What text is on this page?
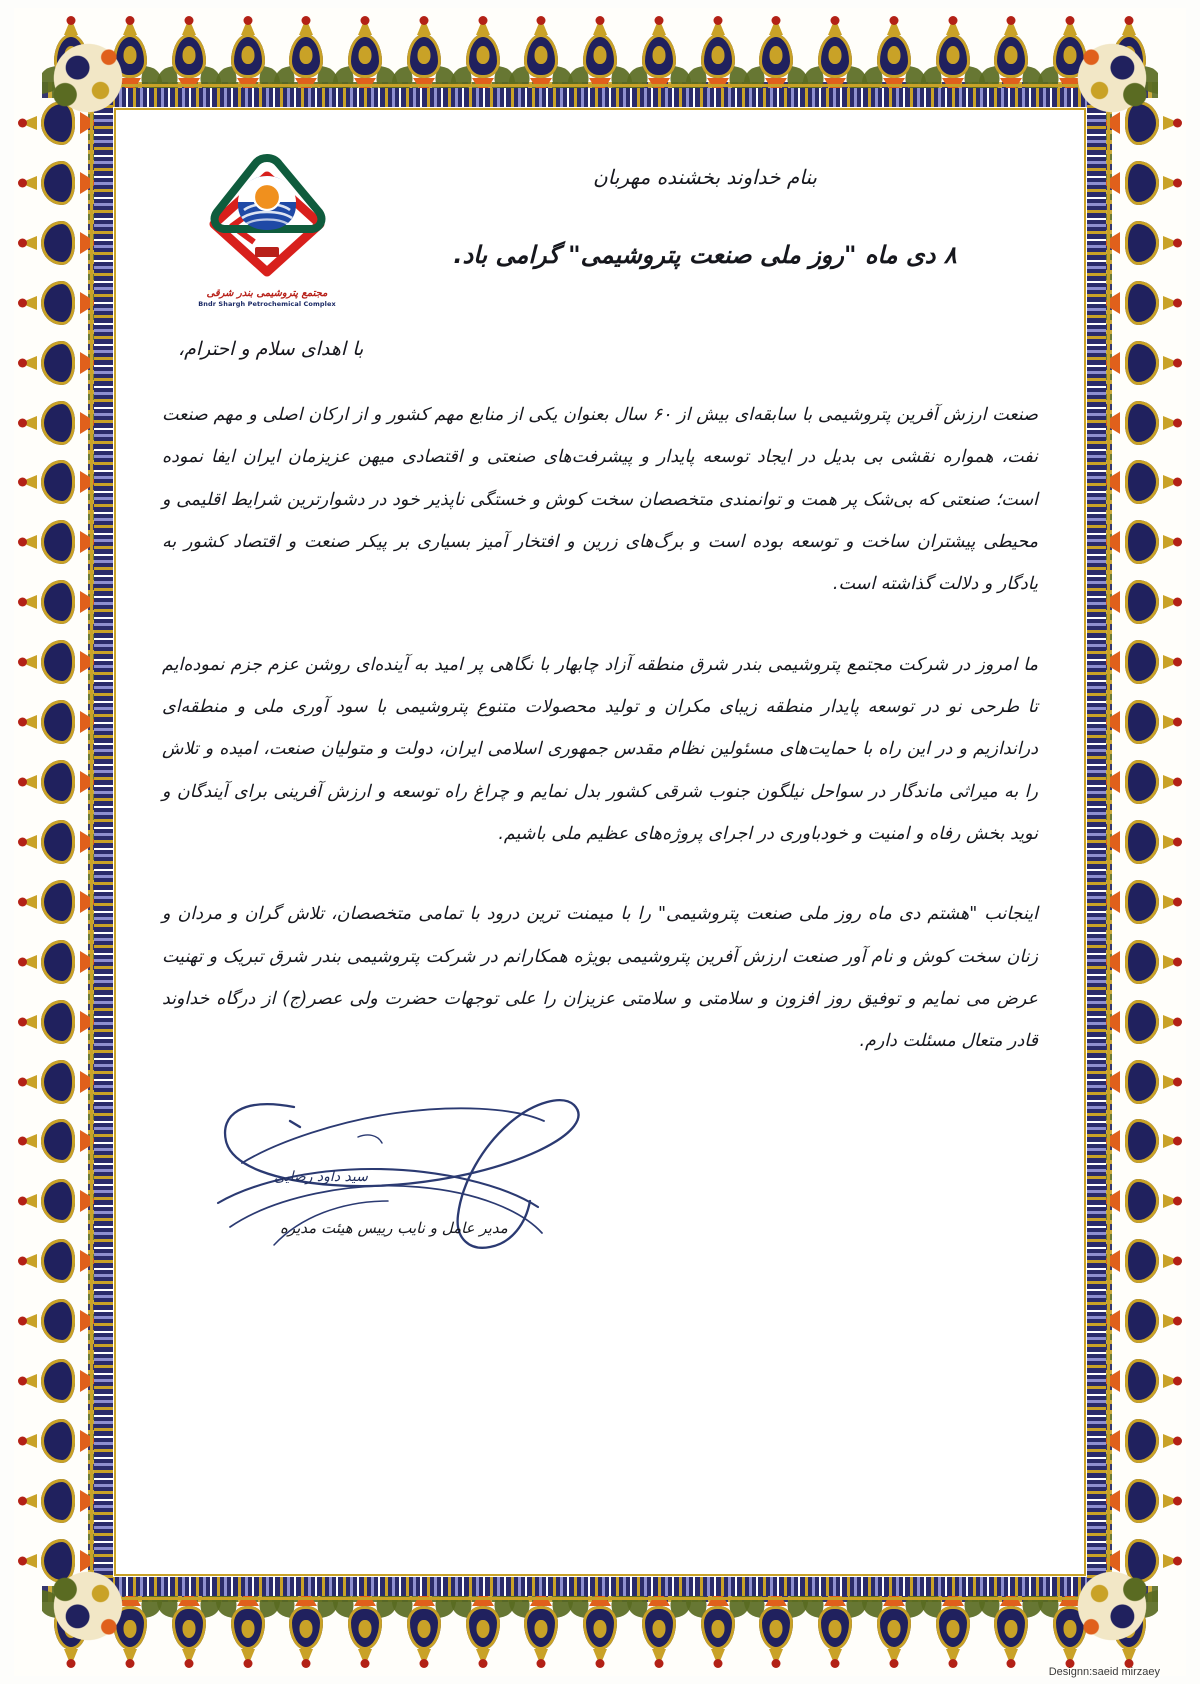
بنام خداوند بخشنده مهربان
۸ دی ماه "روز ملی صنعت پتروشیمی" گرامی باد.
مجتمع پتروشیمی بندر شرقی
Bndr Shargh Petrochemical Complex
با اهدای سلام و احترام،
صنعت ارزش آفرین پتروشیمی با سابقه‌ای بیش از ۶۰ سال بعنوان یکی از منابع مهم کشور و از ارکان اصلی و مهم صنعت نفت، همواره نقشی بی بدیل در ایجاد توسعه پایدار و پیشرفت‌های صنعتی و اقتصادی میهن عزیزمان ایران ایفا نموده است؛ صنعتی که بی‌شک پر همت و توانمندی متخصصان سخت کوش و خستگی ناپذیر خود در دشوارترین شرایط اقلیمی و محیطی پیشتران ساخت و توسعه بوده است و برگ‌های زرین و افتخار آمیز بسیاری بر پیکر صنعت و اقتصاد کشور به یادگار و دلالت گذاشته است.
ما امروز در شرکت مجتمع پتروشیمی بندر شرق منطقه آزاد چابهار با نگاهی پر امید به آینده‌ای روشن عزم جزم نموده‌ایم تا طرحی نو در توسعه پایدار منطقه زیبای مکران و تولید محصولات متنوع پتروشیمی با سود آوری ملی و منطقه‌ای دراندازیم و در این راه با حمایت‌های مسئولین نظام مقدس جمهوری اسلامی ایران، دولت و متولیان صنعت، امیده و تلاش را به میراثی ماندگار در سواحل نیلگون جنوب شرقی کشور بدل نمایم و چراغ راه توسعه و ارزش آفرینی برای آیندگان و نوید بخش رفاه و امنیت و خودباوری در اجرای پروژه‌های عظیم ملی باشیم.
اینجانب "هشتم دی ماه روز ملی صنعت پتروشیمی" را با میمنت ترین درود با تمامی متخصصان، تلاش گران و مردان و زنان سخت کوش و نام آور صنعت ارزش آفرین پتروشیمی بویژه همکارانم در شرکت پتروشیمی بندر شرق تبریک و تهنیت عرض می نمایم و توفیق روز افزون و سلامتی و سلامتی عزیزان را علی توجهات حضرت ولی عصر(ج) از درگاه خداوند قادر متعال مسئلت دارم.
سید داود رضایی
مدیر عامل و نایب رییس هیئت مدیره
Designn:saeid mirzaey
